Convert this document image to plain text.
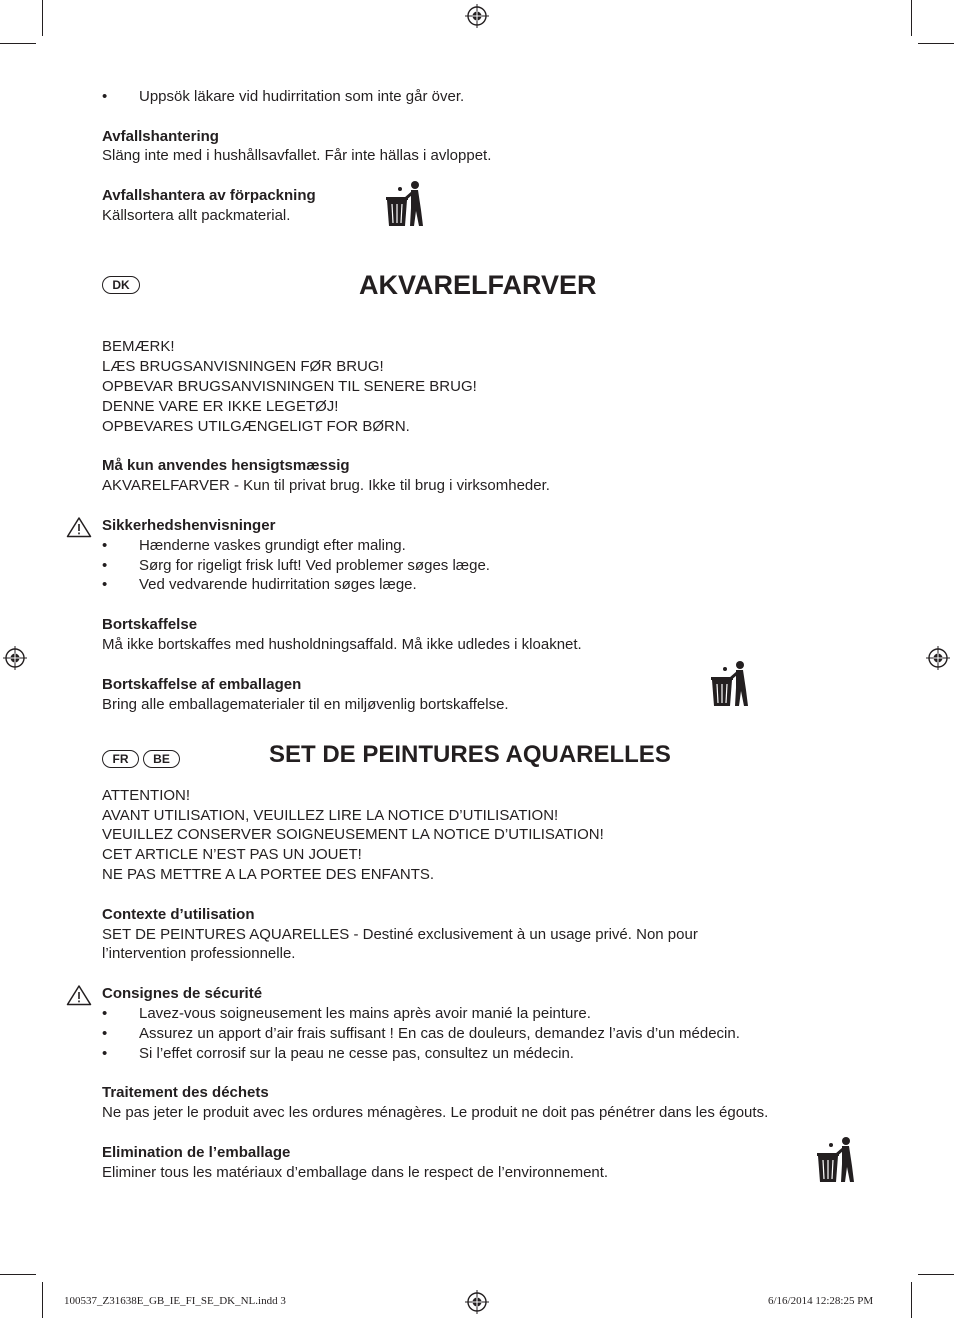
• Uppsök läkare vid hudirritation som inte går över.
Avfallshantering
Släng inte med i hushållsavfallet. Får inte hällas i avloppet.
Avfallshantera av förpackning
Källsortera allt packmaterial.
DK	AKVARELFARVER
BEMÆRK!
LÆS BRUGSANVISNINGEN FØR BRUG!
OPBEVAR BRUGSANVISNINGEN TIL SENERE BRUG!
DENNE VARE ER IKKE LEGETØJ!
OPBEVARES UTILGÆNGELIGT FOR BØRN.
Må kun anvendes hensigtsmæssig
AKVARELFARVER - Kun til privat brug. Ikke til brug i virksomheder.
Sikkerhedshenvisninger
• Hænderne vaskes grundigt efter maling.
• Sørg for rigeligt frisk luft! Ved problemer søges læge.
• Ved vedvarende hudirritation søges læge.
Bortskaffelse
Må ikke bortskaffes med husholdningsaffald. Må ikke udledes i kloaknet.
Bortskaffelse af emballagen
Bring alle emballagematerialer til en miljøvenlig bortskaffelse.
FR	BE	SET DE PEINTURES AQUARELLES
ATTENTION!
AVANT UTILISATION, VEUILLEZ LIRE LA NOTICE D’UTILISATION!
VEUILLEZ CONSERVER SOIGNEUSEMENT LA NOTICE D’UTILISATION!
CET ARTICLE N’EST PAS UN JOUET!
NE PAS METTRE A LA PORTEE DES ENFANTS.
Contexte d’utilisation
SET DE PEINTURES AQUARELLES - Destiné exclusivement à un usage privé. Non pour
l’intervention professionnelle.
Consignes de sécurité
• Lavez-vous soigneusement les mains après avoir manié la peinture.
• Assurez un apport d’air frais suffisant ! En cas de douleurs, demandez l’avis d’un médecin.
• Si l’effet corrosif sur la peau ne cesse pas, consultez un médecin.
Traitement des déchets
Ne pas jeter le produit avec les ordures ménagères. Le produit ne doit pas pénétrer dans les égouts.
Elimination de l’emballage
Eliminer tous les matériaux d’emballage dans le respect de l’environnement.
100537_Z31638E_GB_IE_FI_SE_DK_NL.indd 3	6/16/2014 12:28:25 PM
